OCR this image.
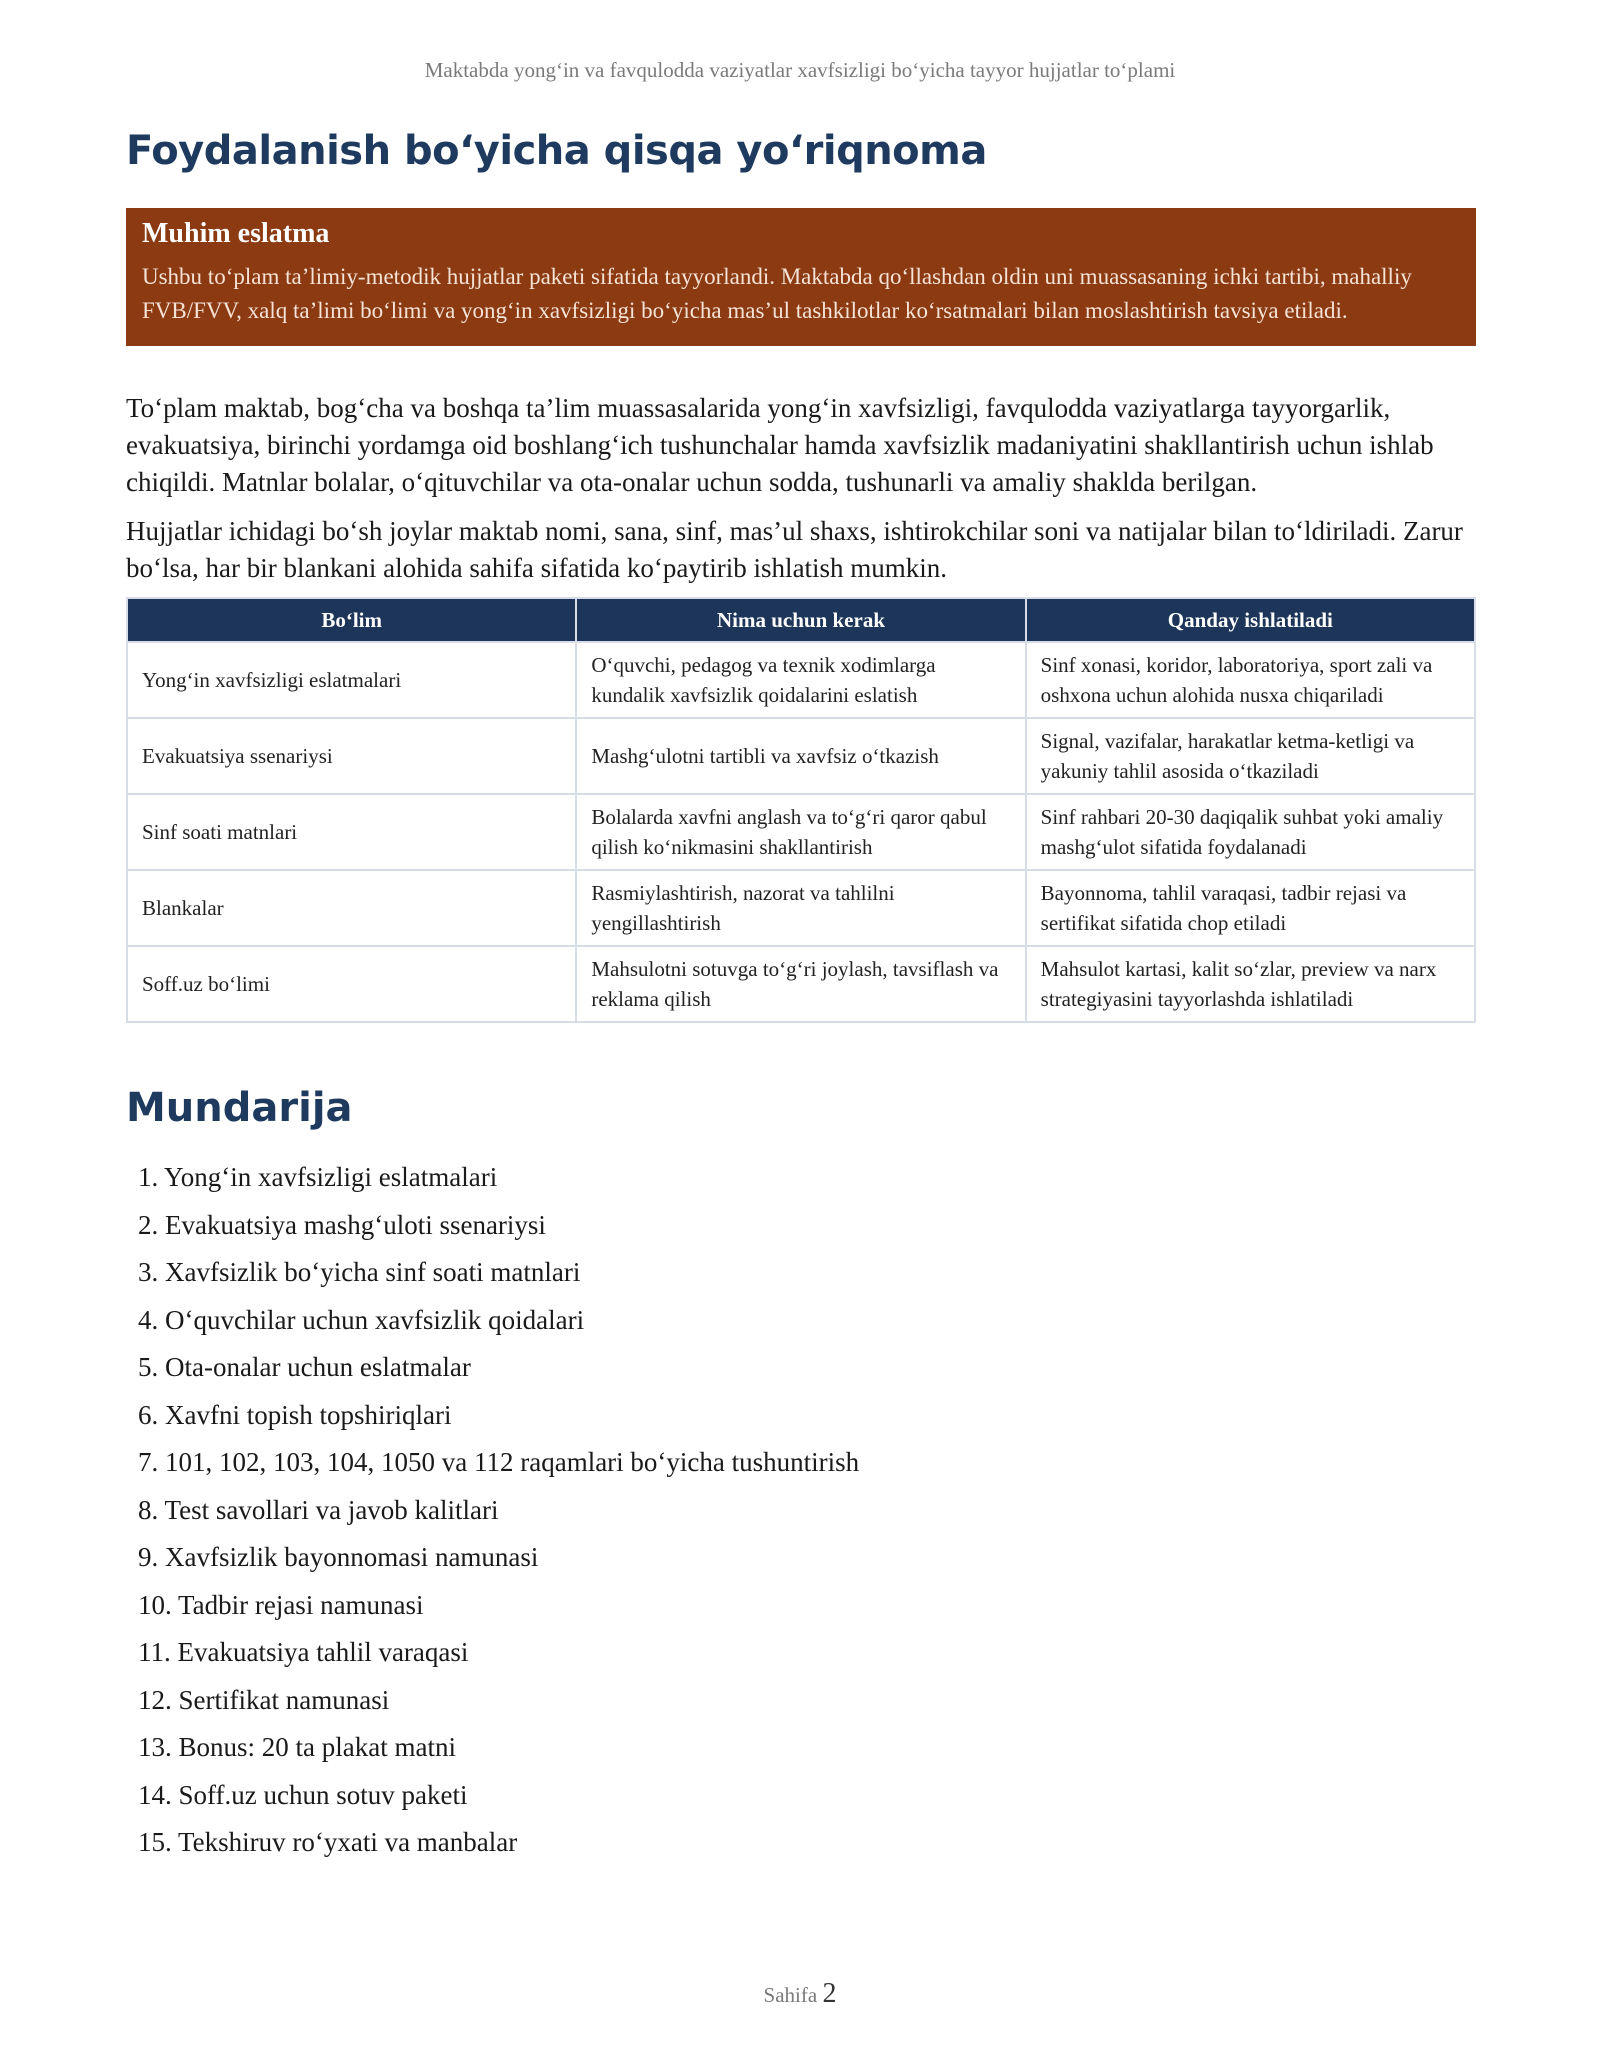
Maktabda yong‘in va favqulodda vaziyatlar xavfsizligi bo‘yicha tayyor hujjatlar to‘plami
Foydalanish bo‘yicha qisqa yo‘riqnoma
Muhim eslatma
Ushbu to‘plam ta’limiy-metodik hujjatlar paketi sifatida tayyorlandi. Maktabda qo‘llashdan oldin uni muassasaning ichki tartibi, mahalliy FVB/FVV, xalq ta’limi bo‘limi va yong‘in xavfsizligi bo‘yicha mas’ul tashkilotlar ko‘rsatmalari bilan moslashtirish tavsiya etiladi.

To‘plam maktab, bog‘cha va boshqa ta’lim muassasalarida yong‘in xavfsizligi, favqulodda vaziyatlarga tayyorgarlik, evakuatsiya, birinchi yordamga oid boshlang‘ich tushunchalar hamda xavfsizlik madaniyatini shakllantirish uchun ishlab chiqildi. Matnlar bolalar, o‘qituvchilar va ota-onalar uchun sodda, tushunarli va amaliy shaklda berilgan.

Hujjatlar ichidagi bo‘sh joylar maktab nomi, sana, sinf, mas’ul shaxs, ishtirokchilar soni va natijalar bilan to‘ldiriladi. Zarur bo‘lsa, har bir blankani alohida sahifa sifatida ko‘paytirib ishlatish mumkin.

Bo‘lim	Nima uchun kerak	Qanday ishlatiladi
Yong‘in xavfsizligi eslatmalari	O‘quvchi, pedagog va texnik xodimlarga kundalik xavfsizlik qoidalarini eslatish	Sinf xonasi, koridor, laboratoriya, sport zali va oshxona uchun alohida nusxa chiqariladi
Evakuatsiya ssenariysi	Mashg‘ulotni tartibli va xavfsiz o‘tkazish	Signal, vazifalar, harakatlar ketma-ketligi va yakuniy tahlil asosida o‘tkaziladi
Sinf soati matnlari	Bolalarda xavfni anglash va to‘g‘ri qaror qabul qilish ko‘nikmasini shakllantirish	Sinf rahbari 20-30 daqiqalik suhbat yoki amaliy mashg‘ulot sifatida foydalanadi
Blankalar	Rasmiylashtirish, nazorat va tahlilni yengillashtirish	Bayonnoma, tahlil varaqasi, tadbir rejasi va sertifikat sifatida chop etiladi
Soff.uz bo‘limi	Mahsulotni sotuvga to‘g‘ri joylash, tavsiflash va reklama qilish	Mahsulot kartasi, kalit so‘zlar, preview va narx strategiyasini tayyorlashda ishlatiladi
Mundarija
1. Yong‘in xavfsizligi eslatmalari
2. Evakuatsiya mashg‘uloti ssenariysi
3. Xavfsizlik bo‘yicha sinf soati matnlari
4. O‘quvchilar uchun xavfsizlik qoidalari
5. Ota-onalar uchun eslatmalar
6. Xavfni topish topshiriqlari
7. 101, 102, 103, 104, 1050 va 112 raqamlari bo‘yicha tushuntirish
8. Test savollari va javob kalitlari
9. Xavfsizlik bayonnomasi namunasi
10. Tadbir rejasi namunasi
11. Evakuatsiya tahlil varaqasi
12. Sertifikat namunasi
13. Bonus: 20 ta plakat matni
14. Soff.uz uchun sotuv paketi
15. Tekshiruv ro‘yxati va manbalar
Sahifa 2
